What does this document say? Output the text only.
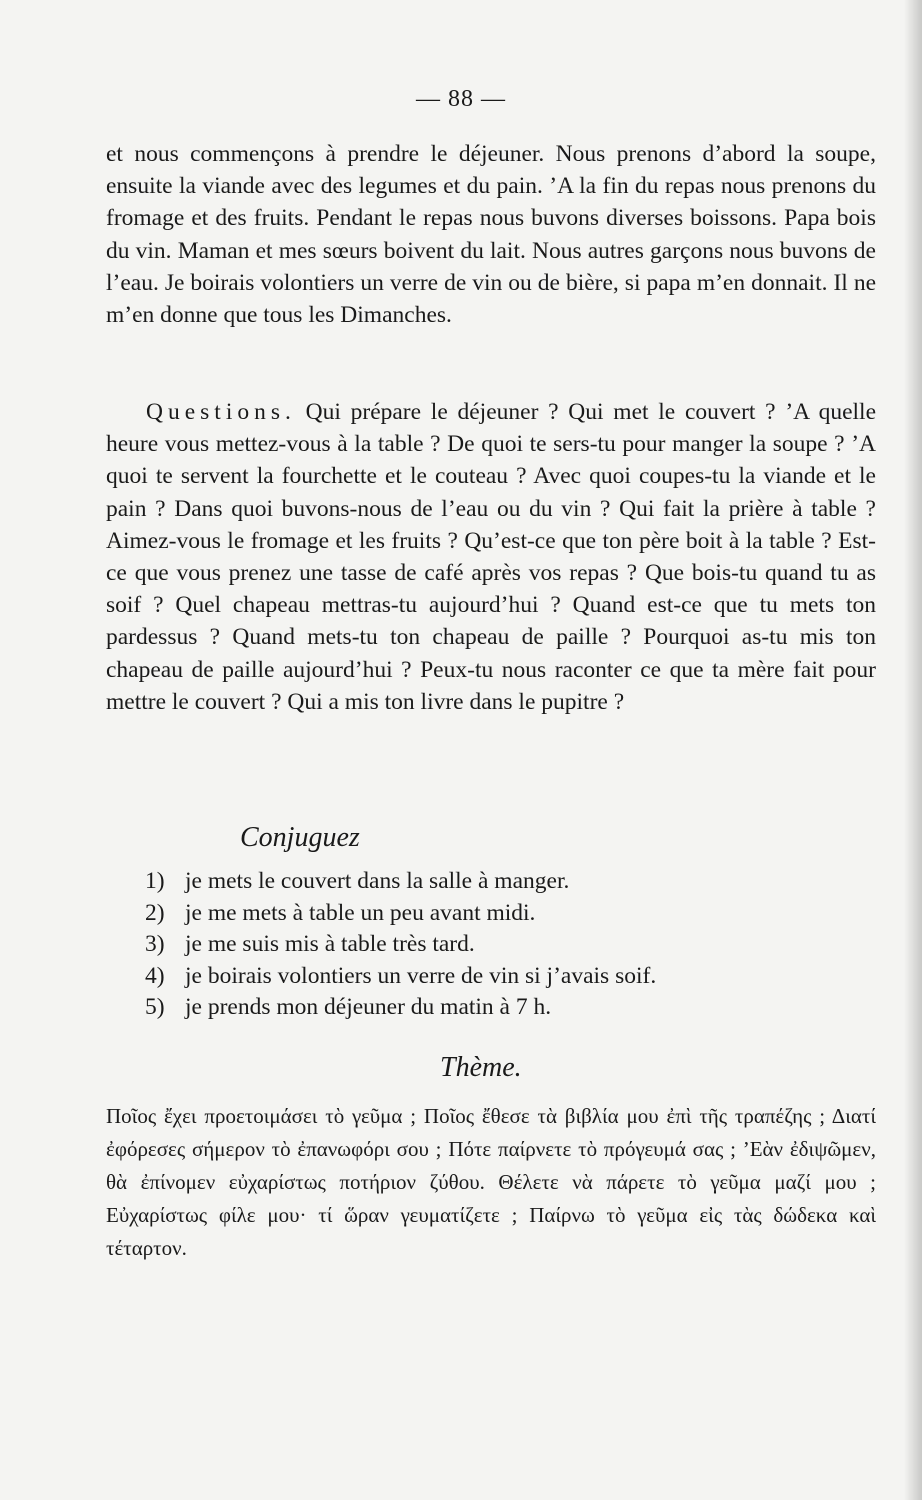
— 88 —

et nous commençons à prendre le déjeuner. Nous prenons d’abord la soupe, ensuite la viande avec des legumes et du pain. ’A la fin du repas nous prenons du fromage et des fruits. Pendant le repas nous buvons diverses boissons. Papa bois du vin. Maman et mes sœurs boivent du lait. Nous autres garçons nous buvons de l’eau. Je boirais volontiers un verre de vin ou de bière, si papa m’en donnait. Il ne m’en donne que tous les Dimanches.

Questions. Qui prépare le déjeuner ? Qui met le couvert ? ’A quelle heure vous mettez-vous à la table ? De quoi te sers-tu pour manger la soupe ? ’A quoi te servent la fourchette et le couteau ? Avec quoi coupes-tu la viande et le pain ? Dans quoi buvons-nous de l’eau ou du vin ? Qui fait la prière à table ? Aimez-vous le fromage et les fruits ? Qu’est-ce que ton père boit à la table ? Est-ce que vous prenez une tasse de café après vos repas ? Que bois-tu quand tu as soif ? Quel chapeau mettras-tu aujourd’hui ? Quand est-ce que tu mets ton pardessus ? Quand mets-tu ton chapeau de paille ? Pourquoi as-tu mis ton chapeau de paille aujourd’hui ? Peux-tu nous raconter ce que ta mère fait pour mettre le couvert ? Qui a mis ton livre dans le pupitre ?
Conjuguez
1) je mets le couvert dans la salle à manger.
2) je me mets à table un peu avant midi.
3) je me suis mis à table très tard.
4) je boirais volontiers un verre de vin si j’avais soif.
5) je prends mon déjeuner du matin à 7 h.
Thème.
Ποῖος ἔχει προετοιμάσει τὸ γεῦμα ; Ποῖος ἔθεσε τὰ βιβλία μου ἐπὶ τῆς τραπέζης ; Διατί ἐφόρεσες σήμερον τὸ ἐπανωφόρι σου ; Πότε παίρνετε τὸ πρόγευμά σας ; ’Εὰν ἐδιψῶμεν, θὰ ἐπίνομεν εὐχαρίστως ποτήριον ζύθου. Θέλετε νὰ πάρετε τὸ γεῦμα μαζί μου ; Εὐχαρίστως φίλε μου· τί ὥραν γευματίζετε ; Παίρνω τὸ γεῦμα εἰς τὰς δώδεκα καὶ τέταρτον.
